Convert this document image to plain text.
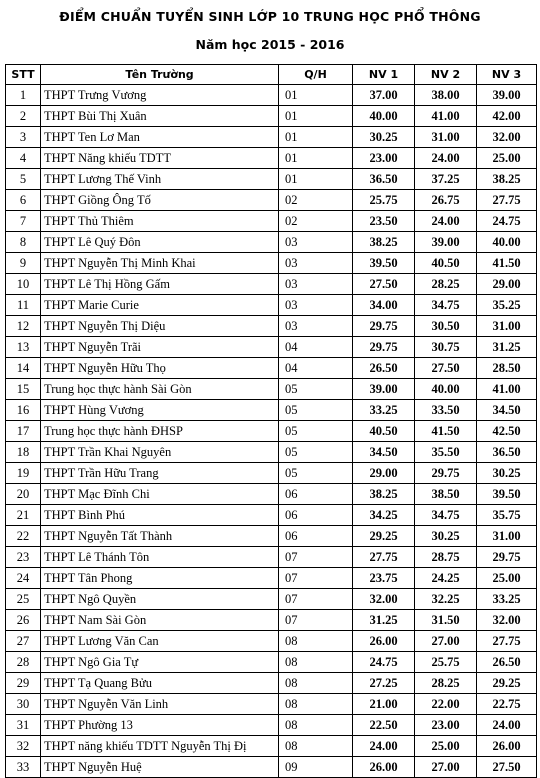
ĐIỂM CHUẨN TUYỂN SINH LỚP 10 TRUNG HỌC PHỔ THÔNG
Năm học 2015 - 2016
STT	Tên Trường	Q/H	NV 1	NV 2	NV 3
1	THPT Trưng Vương	01	37.00	38.00	39.00
2	THPT Bùi Thị Xuân	01	40.00	41.00	42.00
3	THPT Ten Lơ Man	01	30.25	31.00	32.00
4	THPT Năng khiếu TDTT	01	23.00	24.00	25.00
5	THPT Lương Thế Vinh	01	36.50	37.25	38.25
6	THPT Giồng Ông Tố	02	25.75	26.75	27.75
7	THPT Thủ Thiêm	02	23.50	24.00	24.75
8	THPT Lê Quý Đôn	03	38.25	39.00	40.00
9	THPT Nguyễn Thị Minh Khai	03	39.50	40.50	41.50
10	THPT Lê Thị Hồng Gấm	03	27.50	28.25	29.00
11	THPT Marie Curie	03	34.00	34.75	35.25
12	THPT Nguyễn Thị Diệu	03	29.75	30.50	31.00
13	THPT Nguyễn Trãi	04	29.75	30.75	31.25
14	THPT Nguyễn Hữu Thọ	04	26.50	27.50	28.50
15	Trung học thực hành Sài Gòn	05	39.00	40.00	41.00
16	THPT Hùng Vương	05	33.25	33.50	34.50
17	Trung học thực hành ĐHSP	05	40.50	41.50	42.50
18	THPT Trần Khai Nguyên	05	34.50	35.50	36.50
19	THPT Trần Hữu Trang	05	29.00	29.75	30.25
20	THPT Mạc Đĩnh Chi	06	38.25	38.50	39.50
21	THPT Bình Phú	06	34.25	34.75	35.75
22	THPT Nguyễn Tất Thành	06	29.25	30.25	31.00
23	THPT Lê Thánh Tôn	07	27.75	28.75	29.75
24	THPT Tân Phong	07	23.75	24.25	25.00
25	THPT Ngô Quyền	07	32.00	32.25	33.25
26	THPT Nam Sài Gòn	07	31.25	31.50	32.00
27	THPT Lương Văn Can	08	26.00	27.00	27.75
28	THPT Ngô Gia Tự	08	24.75	25.75	26.50
29	THPT Tạ Quang Bửu	08	27.25	28.25	29.25
30	THPT Nguyễn Văn Linh	08	21.00	22.00	22.75
31	THPT Phường 13	08	22.50	23.00	24.00
32	THPT năng khiếu TDTT Nguyễn Thị Đị	08	24.00	25.00	26.00
33	THPT Nguyễn Huệ	09	26.00	27.00	27.50
